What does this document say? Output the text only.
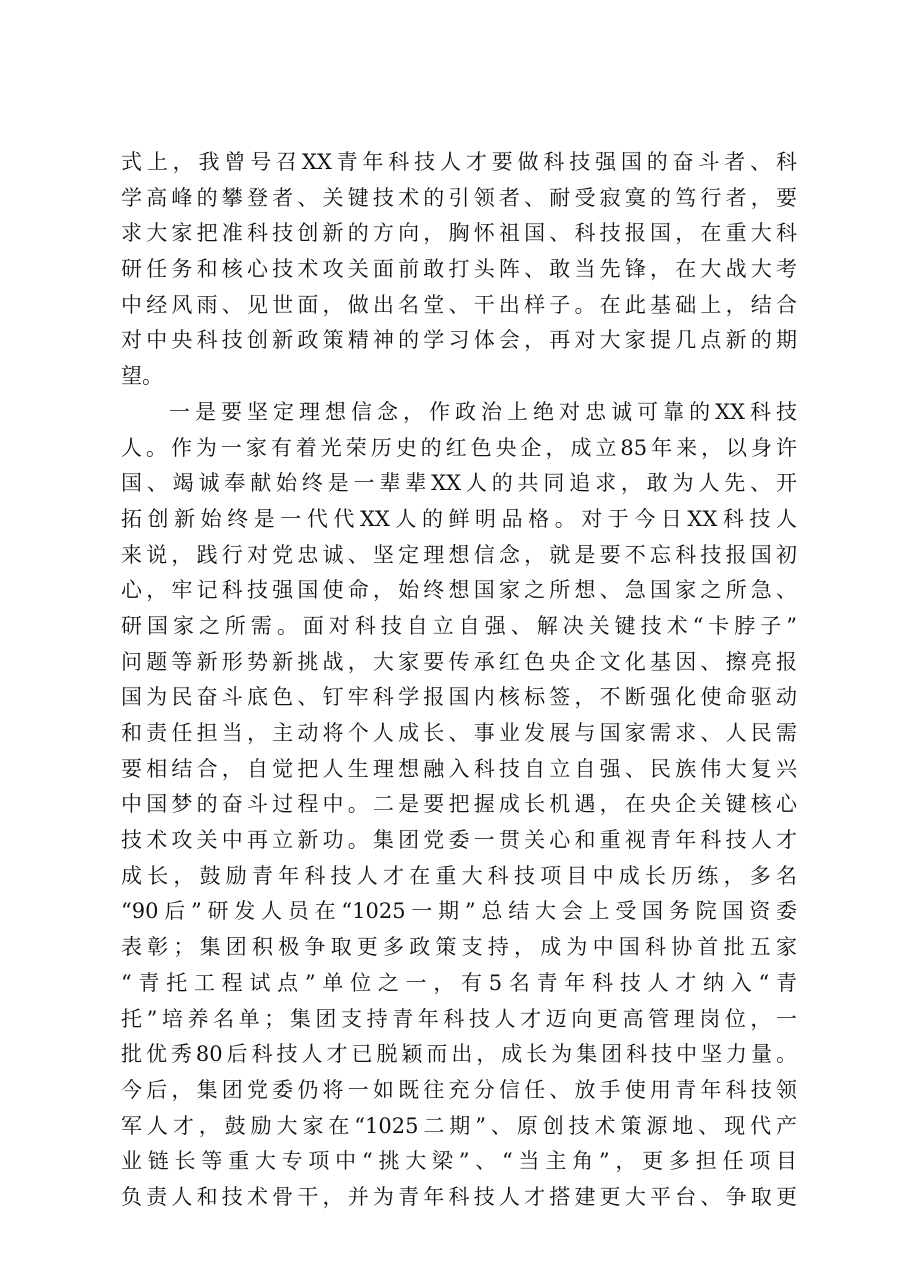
式上，我曾号召XX青年科技人才要做科技强国的奋斗者、科
学高峰的攀登者、关键技术的引领者、耐受寂寞的笃行者，要
求大家把准科技创新的方向，胸怀祖国、科技报国，在重大科
研任务和核心技术攻关面前敢打头阵、敢当先锋，在大战大考
中经风雨、见世面，做出名堂、干出样子。在此基础上，结合
对中央科技创新政策精神的学习体会，再对大家提几点新的期
望。
一是要坚定理想信念，作政治上绝对忠诚可靠的XX科技
人。作为一家有着光荣历史的红色央企，成立85年来，以身许
国、竭诚奉献始终是一辈辈XX人的共同追求，敢为人先、开
拓创新始终是一代代XX人的鲜明品格。对于今日XX科技人
来说，践行对党忠诚、坚定理想信念，就是要不忘科技报国初
心，牢记科技强国使命，始终想国家之所想、急国家之所急、
研国家之所需。面对科技自立自强、解决关键技术“卡脖子”
问题等新形势新挑战，大家要传承红色央企文化基因、擦亮报
国为民奋斗底色、钉牢科学报国内核标签，不断强化使命驱动
和责任担当，主动将个人成长、事业发展与国家需求、人民需
要相结合，自觉把人生理想融入科技自立自强、民族伟大复兴
中国梦的奋斗过程中。二是要把握成长机遇，在央企关键核心
技术攻关中再立新功。集团党委一贯关心和重视青年科技人才
成长，鼓励青年科技人才在重大科技项目中成长历练，多名
“90后”研发人员在“1025一期”总结大会上受国务院国资委
表彰；集团积极争取更多政策支持，成为中国科协首批五家
“青托工程试点”单位之一，有5名青年科技人才纳入“青
托”培养名单；集团支持青年科技人才迈向更高管理岗位，一
批优秀80后科技人才已脱颖而出，成长为集团科技中坚力量。
今后，集团党委仍将一如既往充分信任、放手使用青年科技领
军人才，鼓励大家在“1025二期”、原创技术策源地、现代产
业链长等重大专项中“挑大梁”、“当主角”，更多担任项目
负责人和技术骨干，并为青年科技人才搭建更大平台、争取更
